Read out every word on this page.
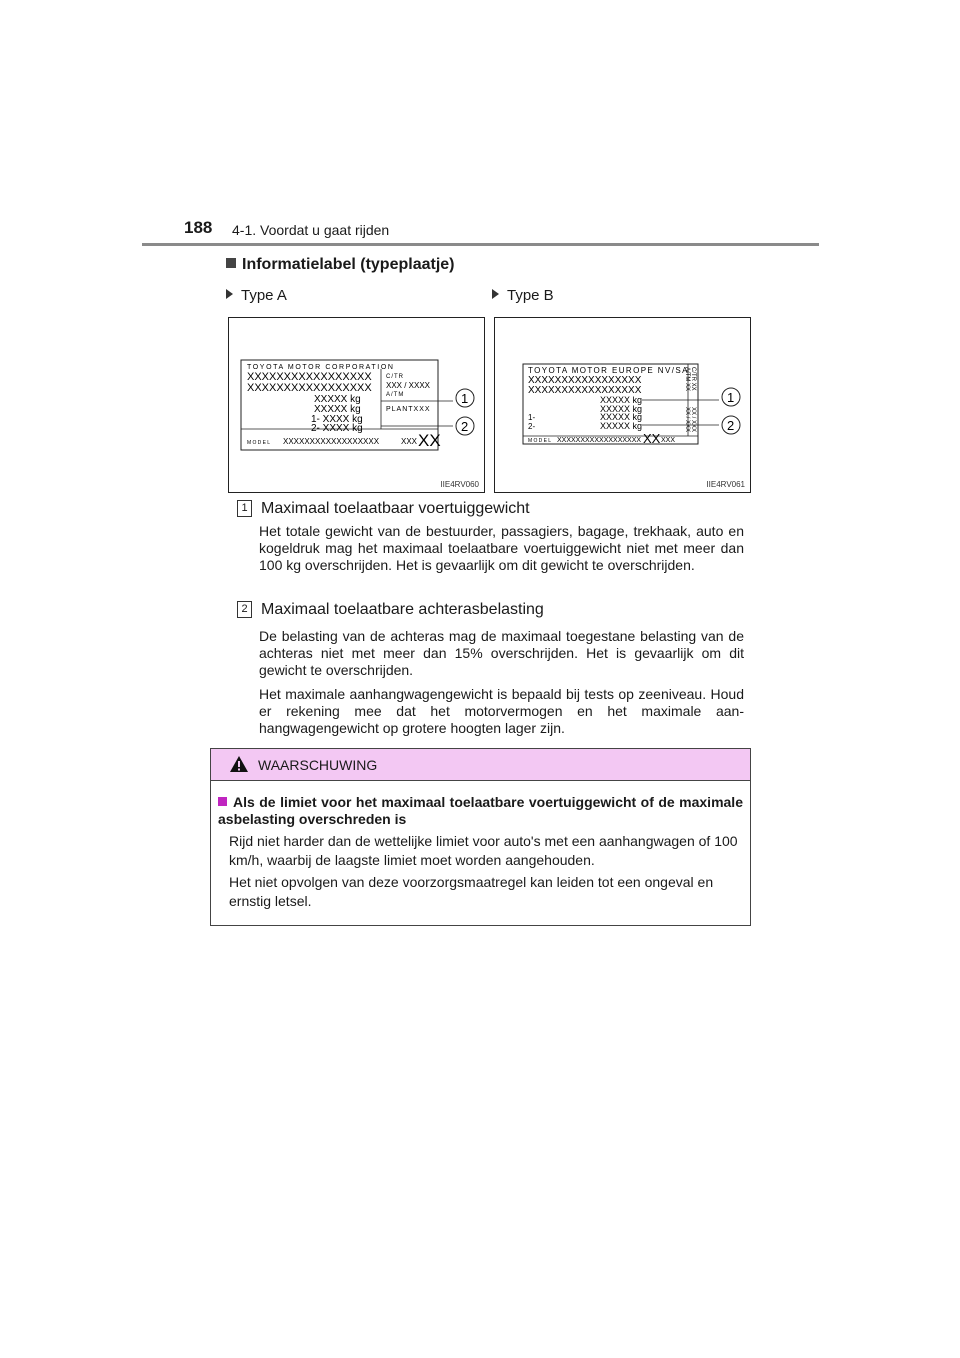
188 4-1. Voordat u gaat rijden
Informatielabel (typeplaatje)
Type A	Type B
TOYOTA MOTOR CORPORATION
XXXXXXXXXXXXXXXXX
XXXXXXXXXXXXXXXXX
C/TR
XXX / XXXX
A/TM
PLANTXXX
XXXXX kg
XXXXX kg
1- XXXX kg
2- XXXX kg
MODEL XXXXXXXXXXXXXXXXXX	XXX XX
1
2
IIE4RV060
TOYOTA MOTOR EUROPE NV/SA
XXXXXXXXXXXXXXXXX
XXXXXXXXXXXXXXXXX
XXXXX kg
XXXXX kg
1-	XXXXX kg
2-	XXXXX kg
C/TR XX
XX / XXX
A/TM XX
XX / XXX
MODEL XXXXXXXXXXXXXXXXXX XX XXX
1
2
IIE4RV061
1 Maximaal toelaatbaar voertuiggewicht
Het totale gewicht van de bestuurder, passagiers, bagage, trekhaak, auto en kogeldruk mag het maximaal toelaatbare voertuiggewicht niet met meer dan 100 kg overschrijden. Het is gevaarlijk om dit gewicht te overschrijden.
2 Maximaal toelaatbare achterasbelasting
De belasting van de achteras mag de maximaal toegestane belasting van de achteras niet met meer dan 15% overschrijden. Het is gevaarlijk om dit gewicht te overschrijden.
Het maximale aanhangwagengewicht is bepaald bij tests op zeeniveau. Houd er rekening mee dat het motorvermogen en het maximale aan-hangwagengewicht op grotere hoogten lager zijn.
WAARSCHUWING
Als de limiet voor het maximaal toelaatbare voertuiggewicht of de maximale asbelasting overschreden is
Rijd niet harder dan de wettelijke limiet voor auto's met een aanhangwagen of 100 km/h, waarbij de laagste limiet moet worden aangehouden.
Het niet opvolgen van deze voorzorgsmaatregel kan leiden tot een ongeval en ernstig letsel.
